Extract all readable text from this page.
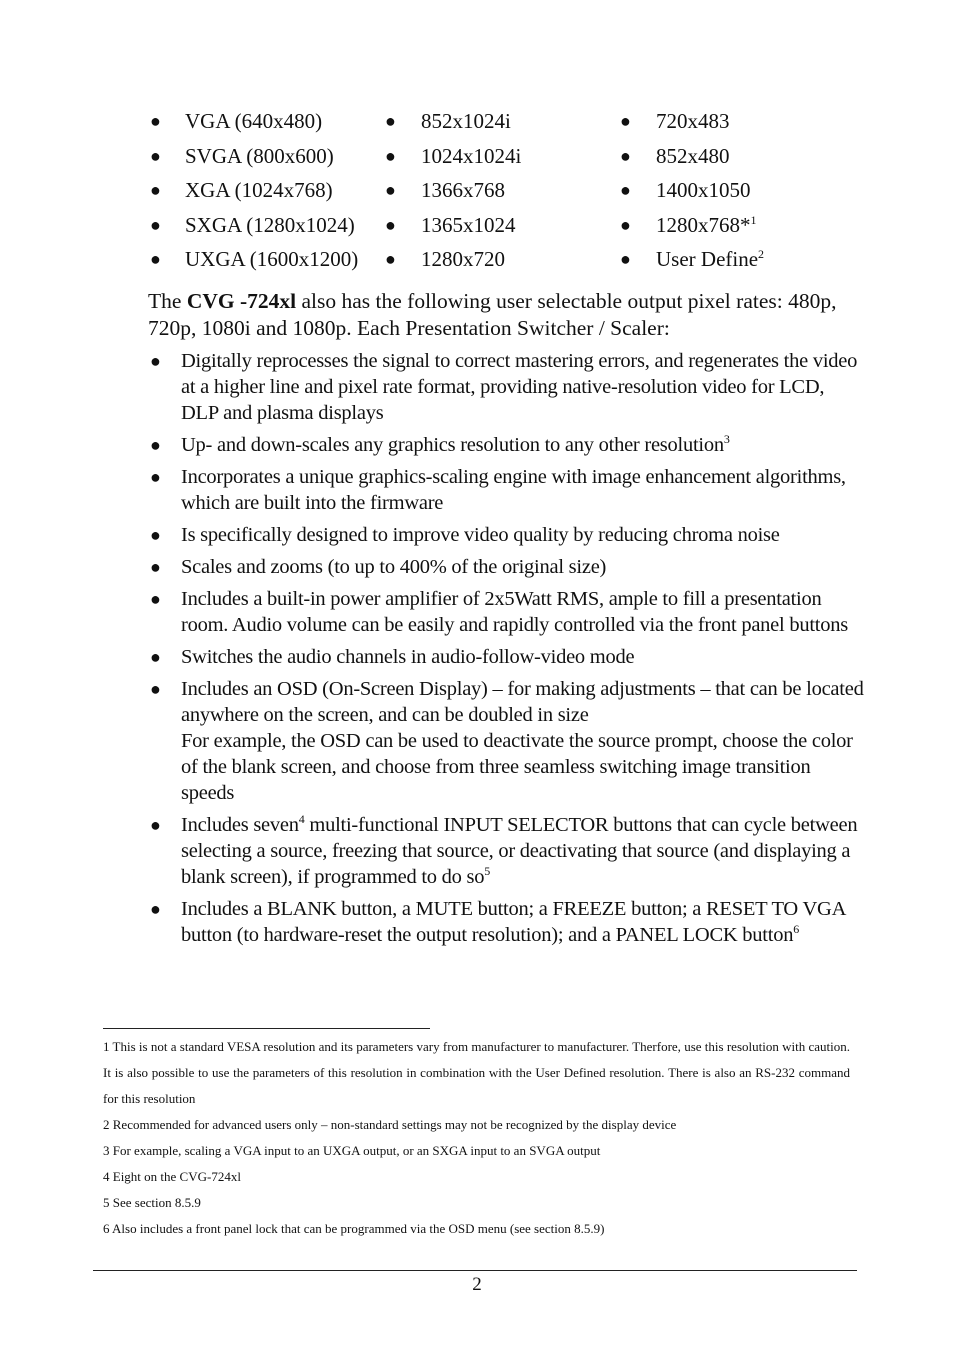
● VGA (640x480)	● 852x1024i	● 720x483
● SVGA (800x600)	● 1024x1024i	● 852x480
● XGA (1024x768)	● 1366x768	● 1400x1050
● SXGA (1280x1024) ● 1365x1024	● 1280x768*$^1$
● UXGA (1600x1200) ● 1280x720	● User Define$^2$

The CVG -724xl also has the following user selectable output pixel rates: 480p, 720p, 1080i and 1080p. Each Presentation Switcher / Scaler:

● Digitally reprocesses the signal to correct mastering errors, and regenerates the video at a higher line and pixel rate format, providing native-resolution video for LCD, DLP and plasma displays
● Up- and down-scales any graphics resolution to any other resolution$^3$
● Incorporates a unique graphics-scaling engine with image enhancement algorithms, which are built into the firmware
● Is specifically designed to improve video quality by reducing chroma noise
● Scales and zooms (to up to 400% of the original size)
● Includes a built-in power amplifier of 2x5Watt RMS, ample to fill a presentation room. Audio volume can be easily and rapidly controlled via the front panel buttons
● Switches the audio channels in audio-follow-video mode
● Includes an OSD (On-Screen Display) – for making adjustments – that can be located anywhere on the screen, and can be doubled in size
For example, the OSD can be used to deactivate the source prompt, choose the color of the blank screen, and choose from three seamless switching image transition speeds
● Includes seven$^4$ multi-functional INPUT SELECTOR buttons that can cycle between selecting a source, freezing that source, or deactivating that source (and displaying a blank screen), if programmed to do $so^5$
● Includes a BLANK button, a MUTE button; a FREEZE button; a RESET TO VGA button (to hardware-reset the output resolution); and a PANEL LOCK button$^6$

1 This is not a standard VESA resolution and its parameters vary from manufacturer to manufacturer. Therfore, use this resolution with caution. It is also possible to use the parameters of this resolution in combination with the User Defined resolution. There is also an RS-232 command for this resolution

2 Recommended for advanced users only – non-standard settings may not be recognized by the display device

3 For example, scaling a VGA input to an UXGA output, or an SXGA input to an SVGA output

4 Eight on the CVG-724xl

5 See section 8.5.9

6 Also includes a front panel lock that can be programmed via the OSD menu (see section 8.5.9)

2
